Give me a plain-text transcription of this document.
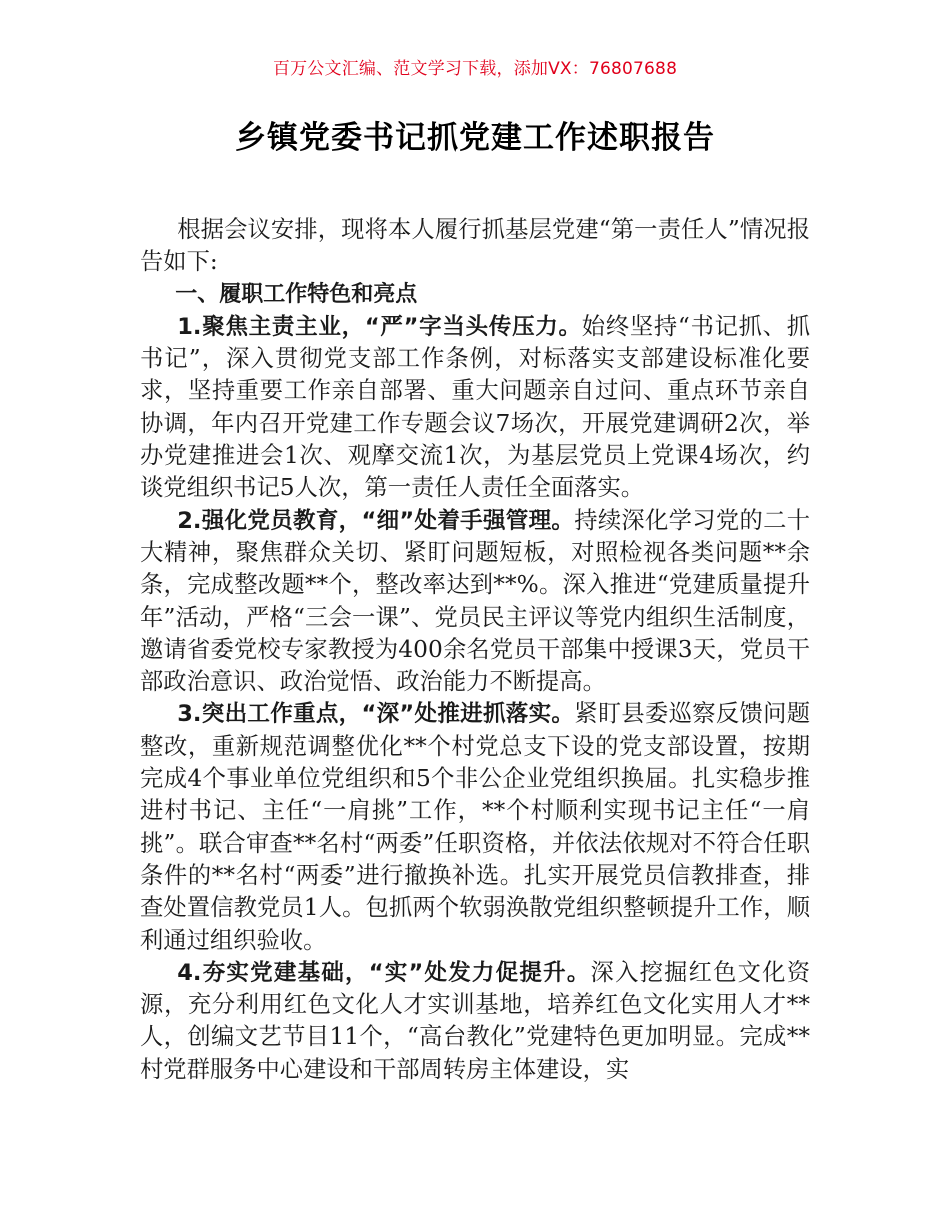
百万公文汇编、范文学习下载，添加VX：76807688
乡镇党委书记抓党建工作述职报告

根据会议安排，现将本人履行抓基层党建“第一责任人”情况报告如下:

一、履职工作特色和亮点

1.聚焦主责主业，“严”字当头传压力。始终坚持“书记抓、抓书记”，深入贯彻党支部工作条例，对标落实支部建设标准化要求，坚持重要工作亲自部署、重大问题亲自过问、重点环节亲自协调，年内召开党建工作专题会议7场次，开展党建调研2次，举办党建推进会1次、观摩交流1次，为基层党员上党课4场次，约谈党组织书记5人次，第一责任人责任全面落实。

2.强化党员教育，“细”处着手强管理。持续深化学习党的二十大精神，聚焦群众关切、紧盯问题短板，对照检视各类问题**余条，完成整改题**个，整改率达到**%。深入推进“党建质量提升年”活动，严格“三会一课”、党员民主评议等党内组织生活制度，邀请省委党校专家教授为400余名党员干部集中授课3天，党员干部政治意识、政治觉悟、政治能力不断提高。

3.突出工作重点，“深”处推进抓落实。紧盯县委巡察反馈问题整改，重新规范调整优化**个村党总支下设的党支部设置，按期完成4个事业单位党组织和5个非公企业党组织换届。扎实稳步推进村书记、主任“一肩挑”工作，**个村顺利实现书记主任“一肩挑”。联合审查**名村“两委”任职资格，并依法依规对不符合任职条件的**名村“两委”进行撤换补选。扎实开展党员信教排查，排查处置信教党员1人。包抓两个软弱涣散党组织整顿提升工作，顺利通过组织验收。

4.夯实党建基础，“实”处发力促提升。深入挖掘红色文化资源，充分利用红色文化人才实训基地，培养红色文化实用人才**人，创编文艺节目11个，“高台教化”党建特色更加明显。完成**村党群服务中心建设和干部周转房主体建设，实
